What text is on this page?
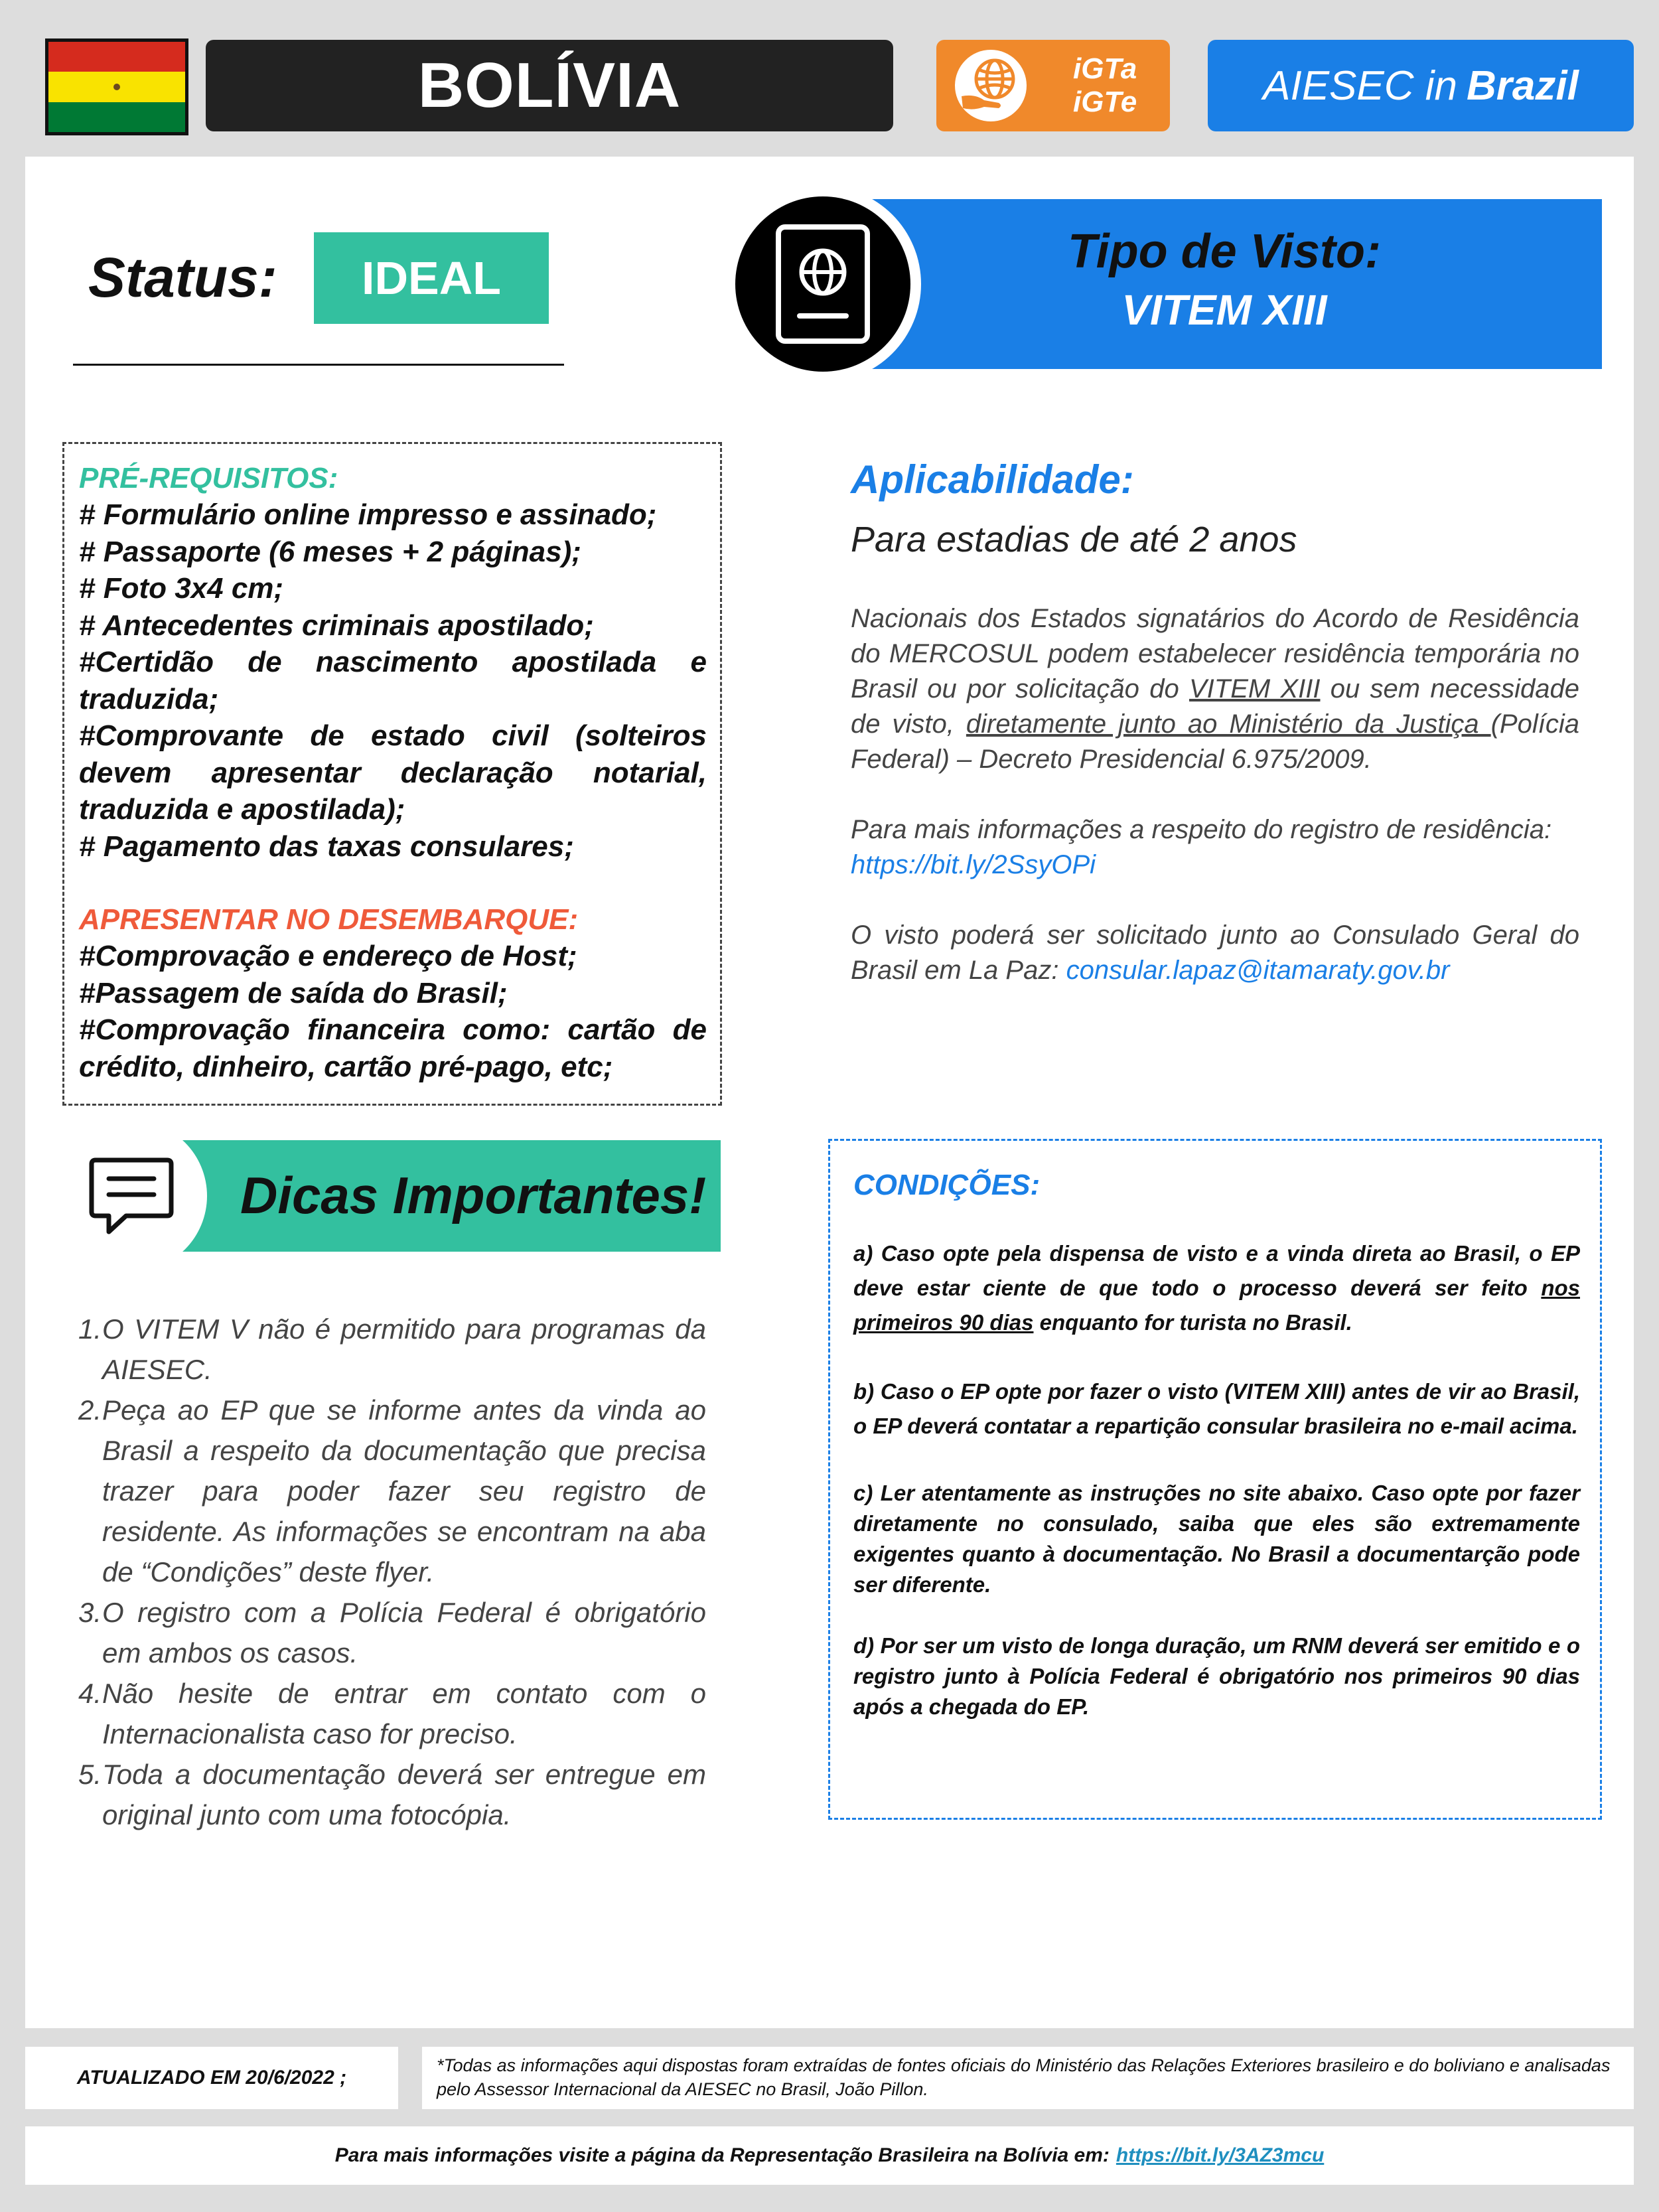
BOLÍVIA	iGTa
iGTe	AIESEC in Brazil
Status:	IDEAL	Tipo de Visto:
VITEM XIII
PRÉ-REQUISITOS:
# Formulário online impresso e assinado;
# Passaporte (6 meses + 2 páginas);
# Foto 3x4 cm;
# Antecedentes criminais apostilado;
#Certidão de nascimento apostilada e traduzida;
#Comprovante de estado civil (solteiros devem apresentar declaração notarial, traduzida e apostilada);
# Pagamento das taxas consulares;
APRESENTAR NO DESEMBARQUE:
#Comprovação e endereço de Host;
#Passagem de saída do Brasil;
#Comprovação financeira como: cartão de crédito, dinheiro, cartão pré-pago, etc;
Aplicabilidade:
Para estadias de até 2 anos

Nacionais dos Estados signatários do Acordo de Residência do MERCOSUL podem estabelecer residência temporária no Brasil ou por solicitação do VITEM XIII ou sem necessidade de visto, diretamente junto ao Ministério da Justiça (Polícia Federal) – Decreto Presidencial 6.975/2009.

Para mais informações a respeito do registro de residência:
https://bit.ly/2SsyOPi

O visto poderá ser solicitado junto ao Consulado Geral do Brasil em La Paz: consular.lapaz@itamaraty.gov.br

Dicas Importantes!
1. O VITEM V não é permitido para programas da AIESEC.
2. Peça ao EP que se informe antes da vinda ao Brasil a respeito da documentação que precisa trazer para poder fazer seu registro de residente. As informações se encontram na aba de “Condições” deste flyer.
3. O registro com a Polícia Federal é obrigatório em ambos os casos.
4. Não hesite de entrar em contato com o Internacionalista caso for preciso.
5. Toda a documentação deverá ser entregue em original junto com uma fotocópia.
CONDIÇÕES:
a) Caso opte pela dispensa de visto e a vinda direta ao Brasil, o EP deve estar ciente de que todo o processo deverá ser feito nos primeiros 90 dias enquanto for turista no Brasil.
b) Caso o EP opte por fazer o visto (VITEM XIII) antes de vir ao Brasil, o EP deverá contatar a repartição consular brasileira no e-mail acima.
c) Ler atentamente as instruções no site abaixo. Caso opte por fazer diretamente no consulado, saiba que eles são extremamente exigentes quanto à documentação. No Brasil a documentarção pode ser diferente.
d) Por ser um visto de longa duração, um RNM deverá ser emitido e o registro junto à Polícia Federal é obrigatório nos primeiros 90 dias após a chegada do EP.
ATUALIZADO EM 20/6/2022 ;
*Todas as informações aqui dispostas foram extraídas de fontes oficiais do Ministério das Relações Exteriores brasileiro e do boliviano e analisadas pelo Assessor Internacional da AIESEC no Brasil, João Pillon.
Para mais informações visite a página da Representação Brasileira na Bolívia em: https://bit.ly/3AZ3mcu
